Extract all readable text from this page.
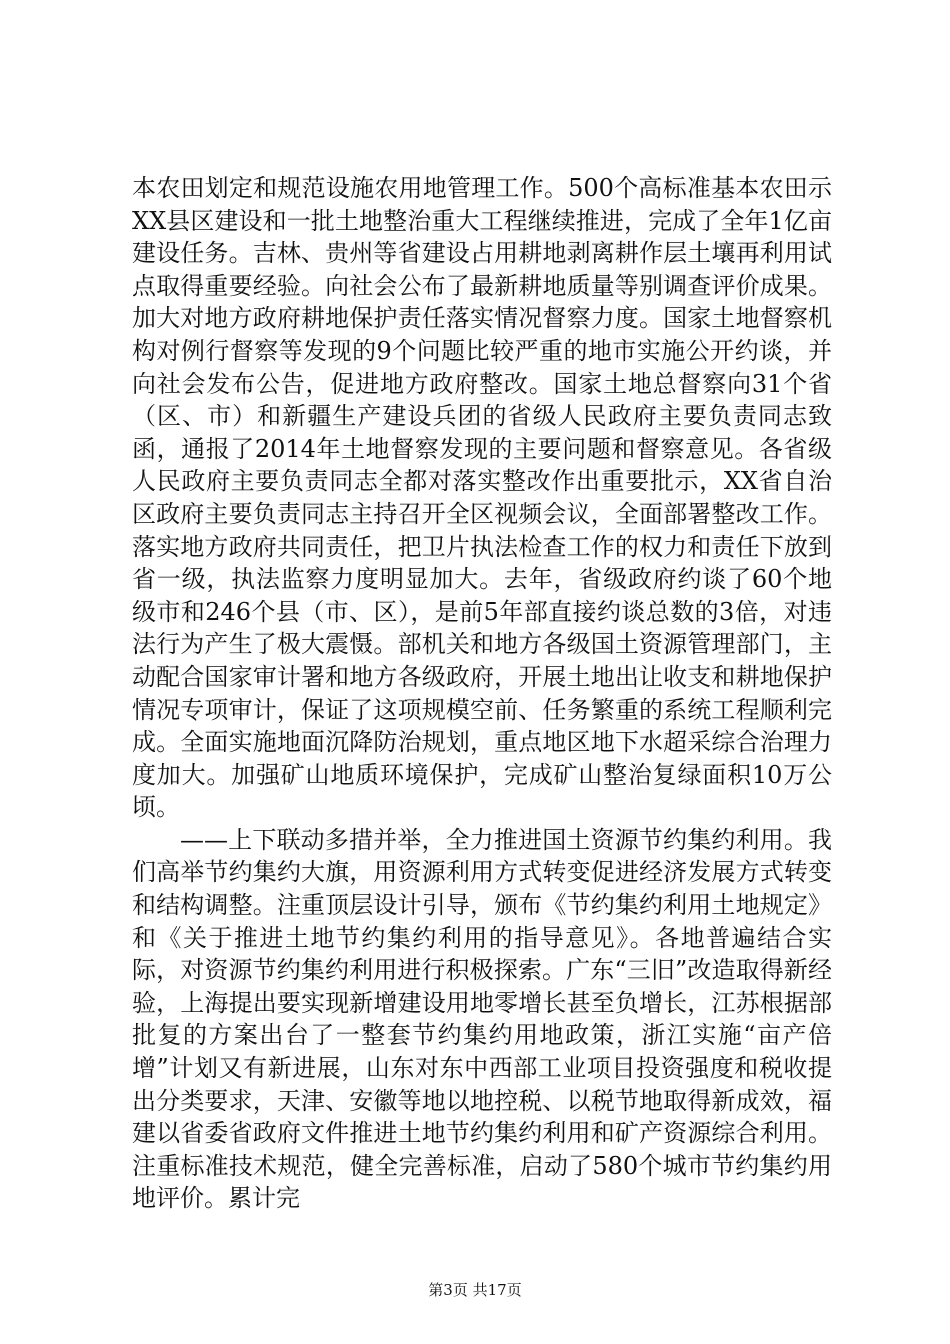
本农田划定和规范设施农用地管理工作。500个高标准基本农田示XX县区建设和一批土地整治重大工程继续推进，完成了全年1亿亩建设任务。吉林、贵州等省建设占用耕地剥离耕作层土壤再利用试点取得重要经验。向社会公布了最新耕地质量等别调查评价成果。加大对地方政府耕地保护责任落实情况督察力度。国家土地督察机构对例行督察等发现的9个问题比较严重的地市实施公开约谈，并向社会发布公告，促进地方政府整改。国家土地总督察向31个省（区、市）和新疆生产建设兵团的省级人民政府主要负责同志致函，通报了2014年土地督察发现的主要问题和督察意见。各省级人民政府主要负责同志全都对落实整改作出重要批示，XX省自治区政府主要负责同志主持召开全区视频会议，全面部署整改工作。落实地方政府共同责任，把卫片执法检查工作的权力和责任下放到省一级，执法监察力度明显加大。去年，省级政府约谈了60个地级市和246个县（市、区），是前5年部直接约谈总数的3倍，对违法行为产生了极大震慑。部机关和地方各级国土资源管理部门，主动配合国家审计署和地方各级政府，开展土地出让收支和耕地保护情况专项审计，保证了这项规模空前、任务繁重的系统工程顺利完成。全面实施地面沉降防治规划，重点地区地下水超采综合治理力度加大。加强矿山地质环境保护，完成矿山整治复绿面积10万公顷。

——上下联动多措并举，全力推进国土资源节约集约利用。我们高举节约集约大旗，用资源利用方式转变促进经济发展方式转变和结构调整。注重顶层设计引导，颁布《节约集约利用土地规定》和《关于推进土地节约集约利用的指导意见》。各地普遍结合实际，对资源节约集约利用进行积极探索。广东“三旧”改造取得新经验，上海提出要实现新增建设用地零增长甚至负增长，江苏根据部批复的方案出台了一整套节约集约用地政策，浙江实施“亩产倍增”计划又有新进展，山东对东中西部工业项目投资强度和税收提出分类要求，天津、安徽等地以地控税、以税节地取得新成效，福建以省委省政府文件推进土地节约集约利用和矿产资源综合利用。注重标准技术规范，健全完善标准，启动了580个城市节约集约用地评价。累计完

第3页 共17页
